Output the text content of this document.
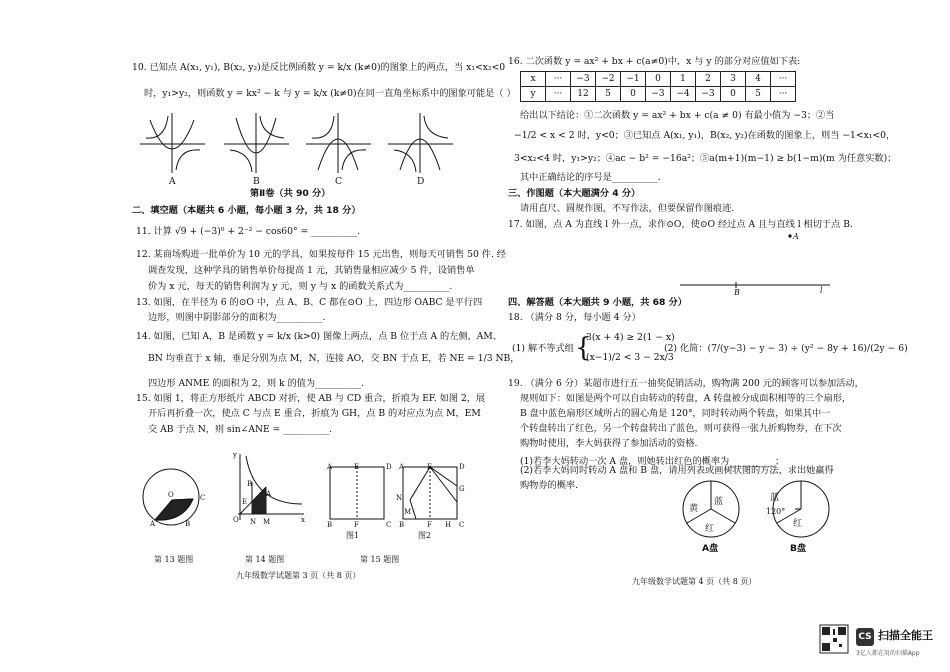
10. 已知点 A(x₁, y₁), B(x₂, y₂)是反比例函数 y = k/x (k≠0)的图象上的两点，当 x₁<x₂<0
时，y₁>y₂，则函数 y = kx² − k 与 y = k/x (k≠0)在同一直角坐标系中的图象可能是（ ）
A	B	C	D
第Ⅱ卷（共 90 分）
二、填空题（本题共 6 小题，每小题 3 分，共 18 分）
11. 计算 √9 + (−3)⁰ + 2⁻² − cos60° = __________.
12. 某商场购进一批单价为 10 元的学具，如果按每件 15 元出售，则每天可销售 50 件. 经
调查发现，这种学具的销售单价每提高 1 元，其销售量相应减少 5 件，设销售单
价为 x 元，每天的销售利润为 y 元，则 y 与 x 的函数关系式为__________.
13. 如图，在半径为 6 的⊙O 中，点 A、B、C 都在⊙O 上，四边形 OABC 是平行四
边形，则图中阴影部分的面积为__________.
14. 如图，已知 A，B 是函数 y = k/x (k>0) 图像上两点，点 B 位于点 A 的左侧，AM、
BN 均垂直于 x 轴，垂足分别为点 M，N，连接 AO，交 BN 于点 E，若 NE = 1/3 NB，
四边形 ANME 的面积为 2，则 k 的值为__________.
15. 如图 1，将正方形纸片 ABCD 对折，使 AB 与 CD 重合，折痕为 EF. 如图 2，展
开后再折叠一次，使点 C 与点 E 重合，折痕为 GH，点 B 的对应点为点 M，EM
交 AB 于点 N，则 sin∠ANE = __________.
O
A	B
C
y
B
A
E
O N M	x
A	E	D
B	F	C
A	E	D
G
N
M
B	F H C
图1	图2
第 13 题图	第 14 题图	第 15 题图
九年级数学试题第 3 页（共 8 页）
16. 二次函数 y = ax² + bx + c(a≠0)中，x 与 y 的部分对应值如下表:
x	···	−3	−2	−1	0	1	2	3	4	···
y	···	12	5	0	−3	−4	−3	0	5	···
给出以下结论：①二次函数 y = ax² + bx + c(a ≠ 0) 有最小值为 −3；②当
−1/2 < x < 2 时，y<0；③已知点 A(x₁, y₁)，B(x₂, y₂)在函数的图象上，则当 −1<x₁<0，
3<x₂<4 时，y₁>y₂；④ac − b² = −16a²；⑤a(m+1)(m−1) ≥ b(1−m)(m 为任意实数)；
其中正确结论的序号是__________.
三、作图题（本大题满分 4 分）
请用直尺、圆规作图，不写作法，但要保留作图痕迹.
17. 如图，点 A 为直线 l 外一点，求作⊙O，使⊙O 经过点 A 且与直线 l 相切于点 B.
A
B	l
四、解答题（本大题共 9 小题，共 68 分）
18. （满分 8 分，每小题 4 分）
(1) 解不等式组 {
3(x + 4) ≥ 2(1 − x)
(x−1)/2 < 3 − 2x/3
(2) 化简：(7/(y−3) − y − 3) ÷ (y² − 8y + 16)/(2y − 6)
19. （满分 6 分）某超市进行五一抽奖促销活动，购物满 200 元的顾客可以参加活动，
规则如下：如图是两个可以自由转动的转盘，A 转盘被分成面积相等的三个扇形，
B 盘中蓝色扇形区域所占的圆心角是 120°，同时转动两个转盘，如果其中一
个转盘转出了红色，另一个转盘转出了蓝色，则可获得一张九折购物券，在下次
购物时使用，李大妈获得了参加活动的资格.
(1)若李大妈转动一次 A 盘，则她转出红色的概率为__________；
(2)若李大妈同时转动 A 盘和 B 盘，请用列表或画树状图的方法，求出她赢得
购物券的概率.
黄
蓝
红
蓝
120°
红
A盘	B盘
九年级数学试题第 4 页（共 8 页）
CS 扫描全能王
3亿人都在用的扫描App
